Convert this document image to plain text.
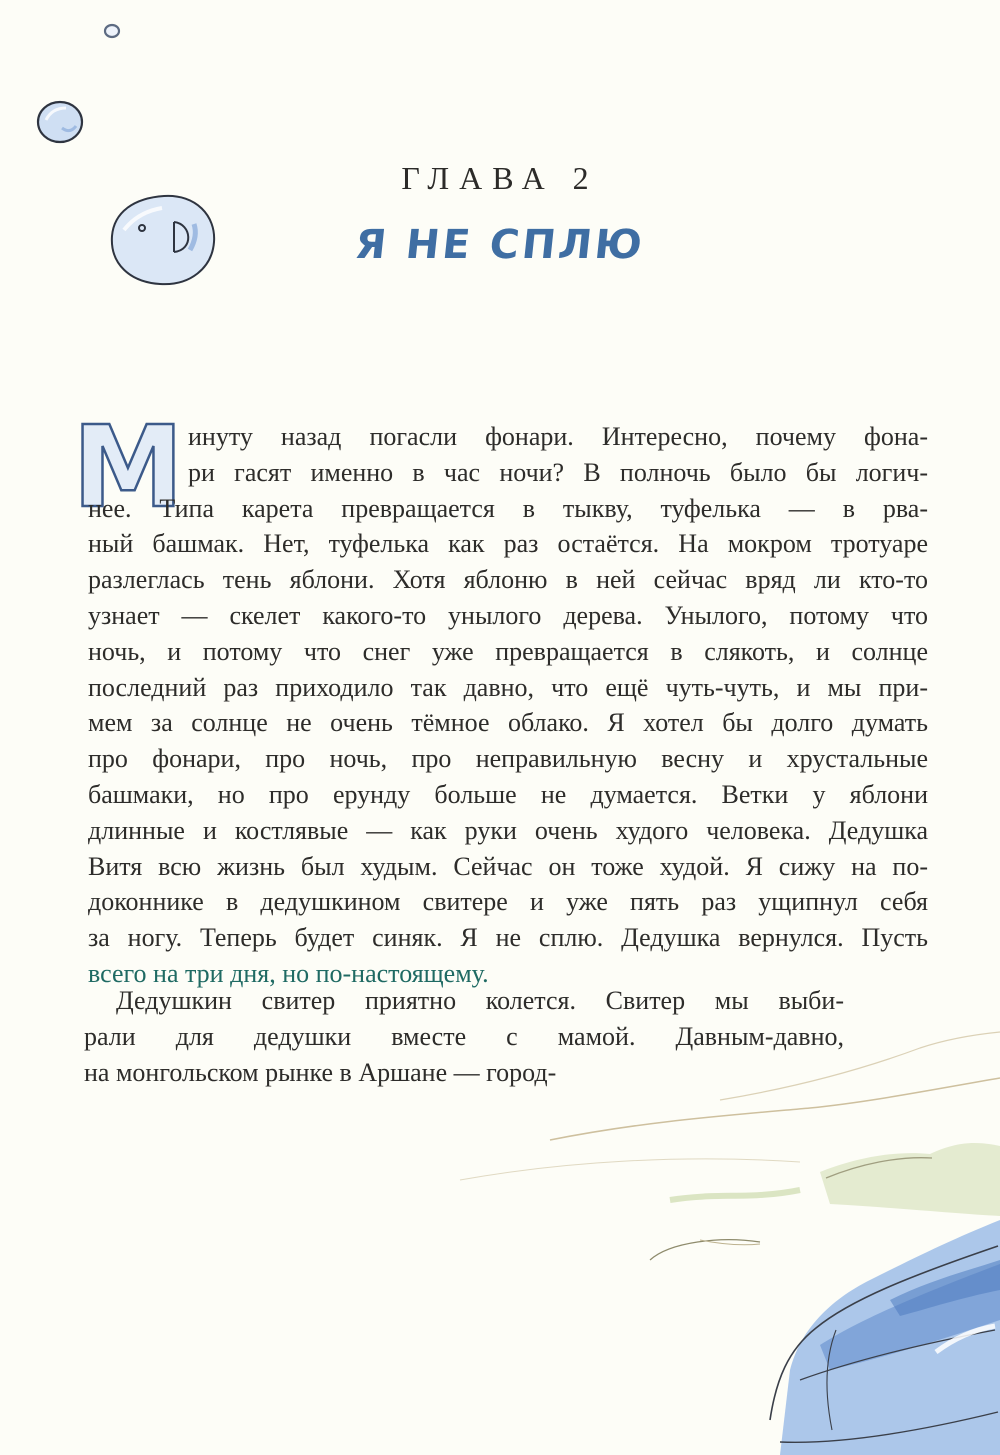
ГЛАВА 2
Я НЕ СПЛЮ
М инуту назад погасли фонари. Интересно, почему фона-
ри гасят именно в час ночи? В полночь было бы логич-
нее. Типа карета превращается в тыкву, туфелька — в рва-
ный башмак. Нет, туфелька как раз остаётся. На мокром тротуаре
разлеглась тень яблони. Хотя яблоню в ней сейчас вряд ли кто-то
узнает — скелет какого-то унылого дерева. Унылого, потому что
ночь, и потому что снег уже превращается в слякоть, и солнце
последний раз приходило так давно, что ещё чуть-чуть, и мы при-
мем за солнце не очень тёмное облако. Я хотел бы долго думать
про фонари, про ночь, про неправильную весну и хрустальные
башмаки, но про ерунду больше не думается. Ветки у яблони
длинные и костлявые — как руки очень худого человека. Дедушка
Витя всю жизнь был худым. Сейчас он тоже худой. Я сижу на по-
доконнике в дедушкином свитере и уже пять раз ущипнул себя
за ногу. Теперь будет синяк. Я не сплю. Дедушка вернулся. Пусть
всего на три дня, но по-настоящему.
Дедушкин свитер приятно колется. Свитер мы выби-
рали для дедушки вместе с мамой. Давным-давно,
на монгольском рынке в Аршане — город-
